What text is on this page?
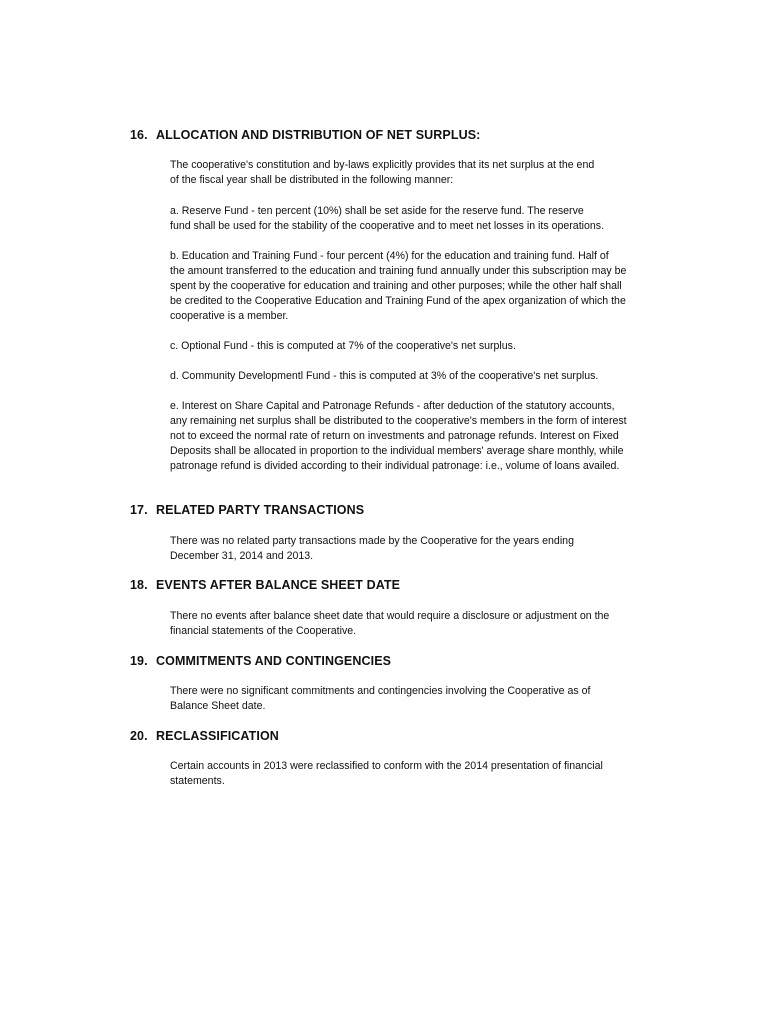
16. ALLOCATION AND DISTRIBUTION OF NET SURPLUS:
The cooperative's constitution and by-laws explicitly provides that its net surplus at the end
of the fiscal year shall be distributed in the following manner:
a. Reserve Fund - ten percent (10%) shall be set aside for the reserve fund. The reserve
fund shall be used for the stability of the cooperative and to meet net losses in its operations.
b. Education and Training Fund - four percent (4%) for the education and training fund. Half of
the amount transferred to the education and training fund annually under this subscription may be
spent by the cooperative for education and training and other purposes; while the other half shall
be credited to the Cooperative Education and Training Fund of the apex organization of which the
cooperative is a member.
c. Optional Fund - this is computed at 7% of the cooperative's net surplus.
d. Community Developmentl Fund - this is computed at 3% of the cooperative's net surplus.
e. Interest on Share Capital and Patronage Refunds - after deduction of the statutory accounts,
any remaining net surplus shall be distributed to the cooperative's members in the form of interest
not to exceed the normal rate of return on investments and patronage refunds. Interest on Fixed
Deposits shall be allocated in proportion to the individual members' average share monthly, while
patronage refund is divided according to their individual patronage: i.e., volume of loans availed.
17. RELATED PARTY TRANSACTIONS
There was no related party transactions made by the Cooperative for the years ending
December 31, 2014 and 2013.
18. EVENTS AFTER BALANCE SHEET DATE
There no events after balance sheet date that would require a disclosure or adjustment on the
financial statements of the Cooperative.
19. COMMITMENTS AND CONTINGENCIES
There were no significant commitments and contingencies involving the Cooperative as of
Balance Sheet date.
20. RECLASSIFICATION
Certain accounts in 2013 were reclassified to conform with the 2014 presentation of financial
statements.
